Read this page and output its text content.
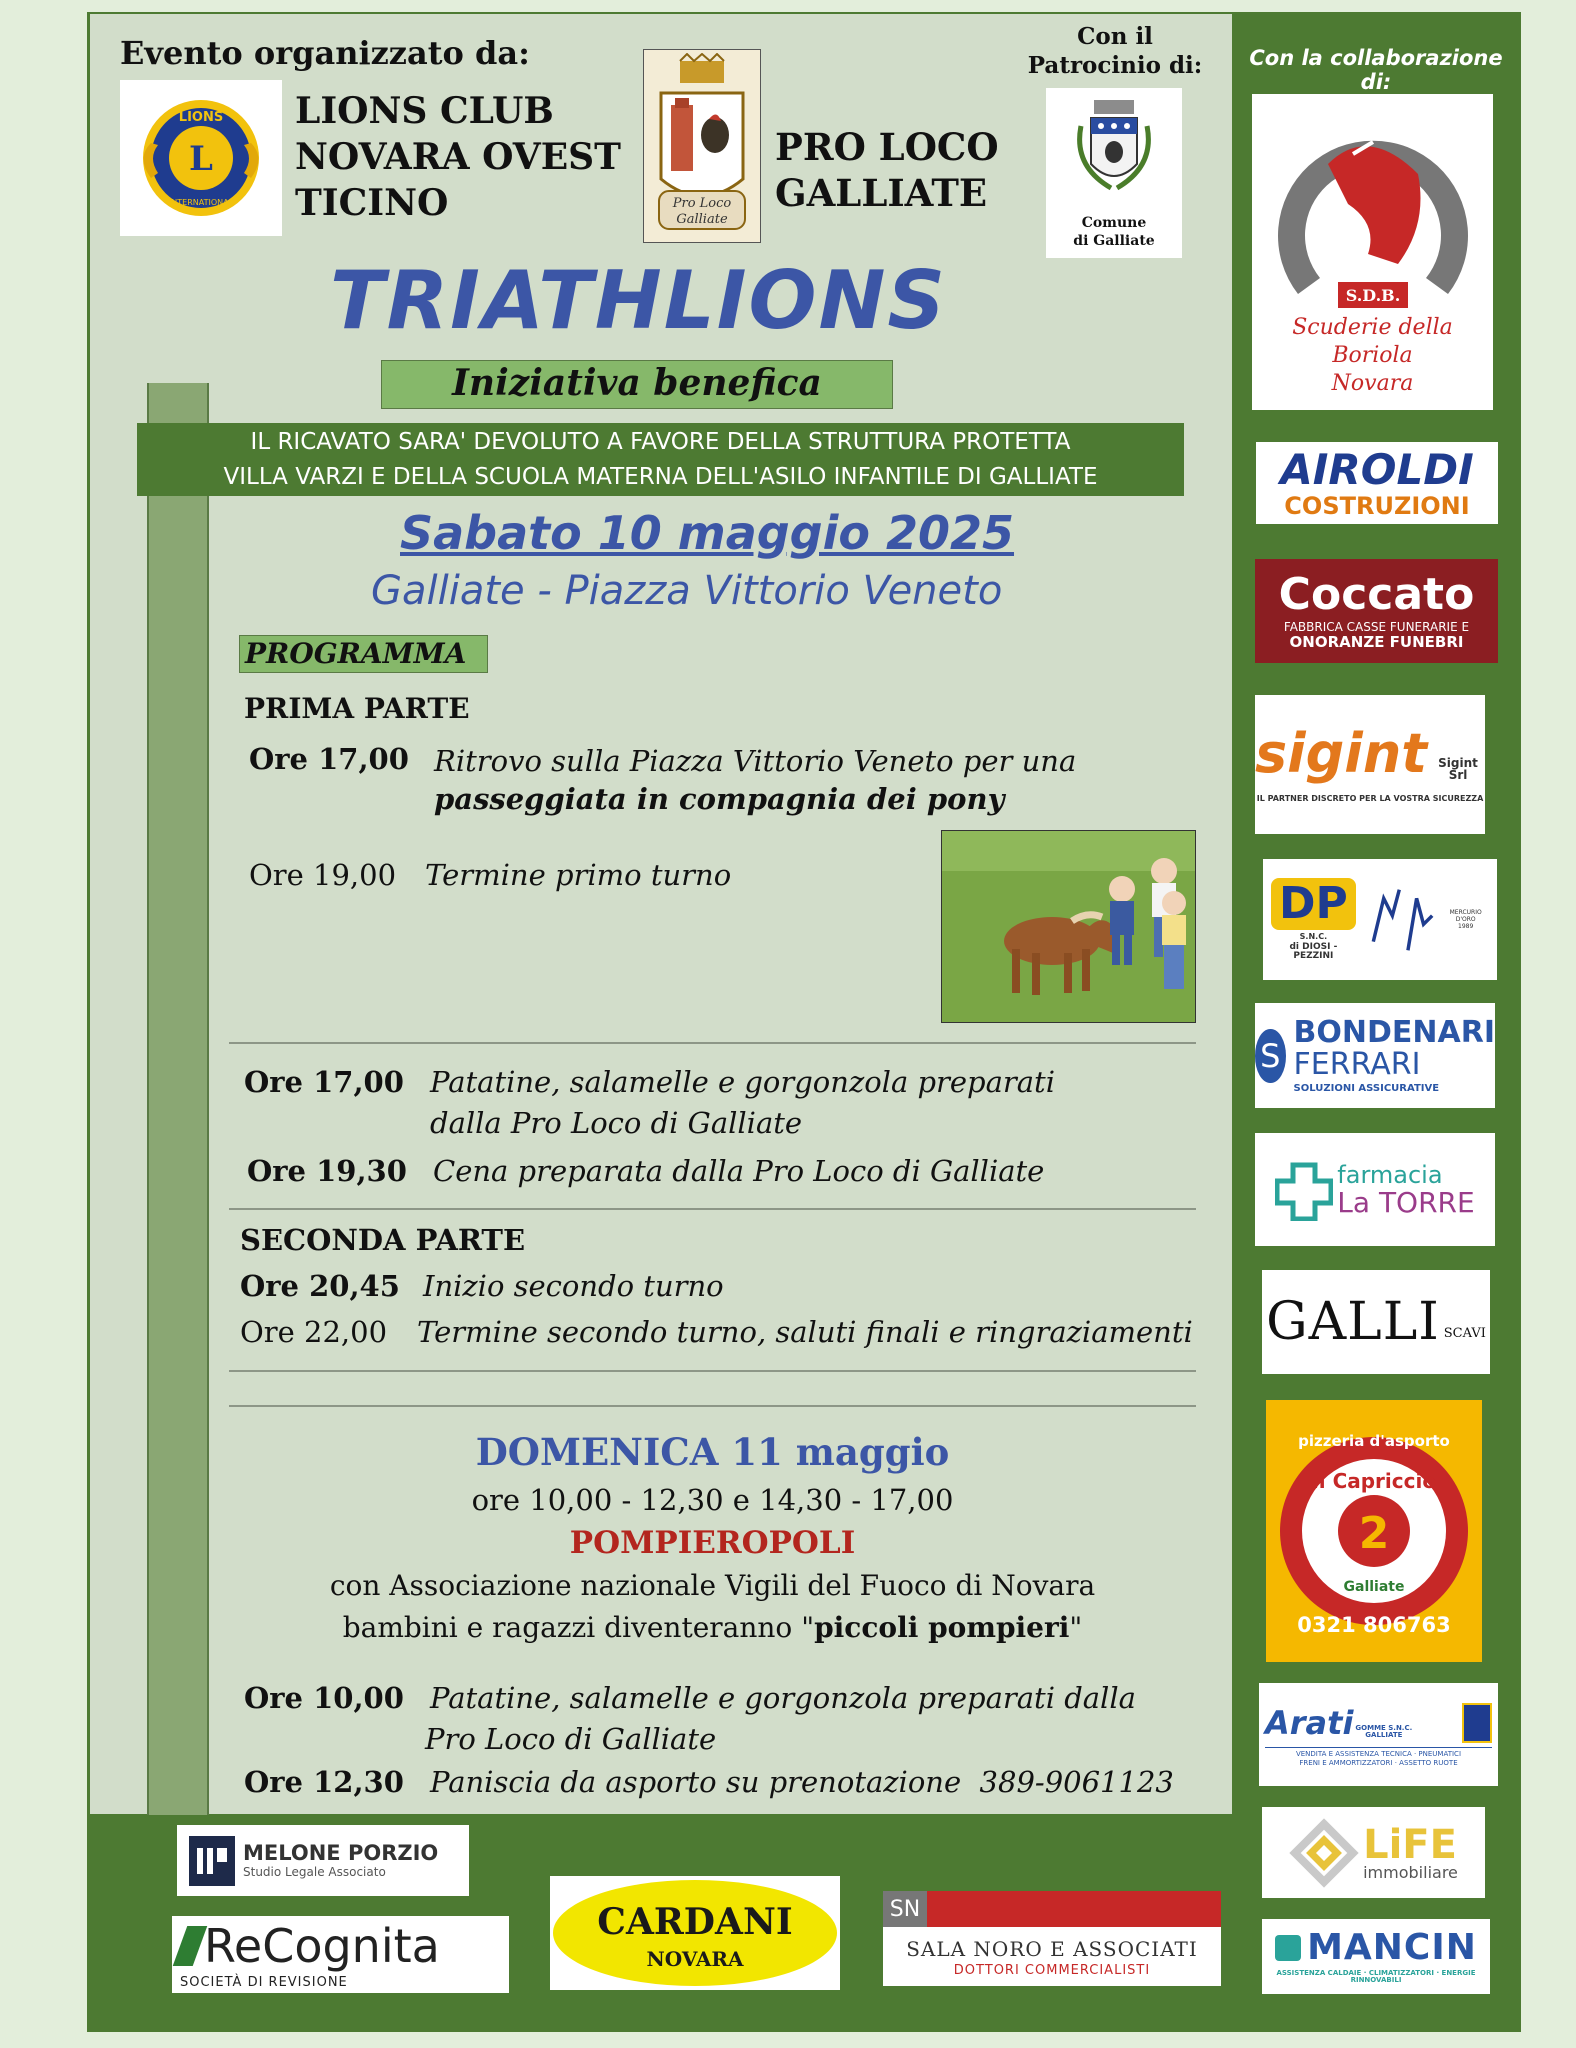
Evento organizzato da:
L
LIONS
INTERNATIONAL
LIONS CLUB
NOVARA OVEST
TICINO	Pro Loco
Galliate
PRO LOCO
GALLIATE
Con il
Patrocinio di:
Comune
di Galliate
Con la collaborazione di:
TRIATHLIONS
Iniziativa benefica
IL RICAVATO SARA' DEVOLUTO A FAVORE DELLA STRUTTURA PROTETTA
VILLA VARZI E DELLA SCUOLA MATERNA DELL'ASILO INFANTILE DI GALLIATE
Sabato 10 maggio 2025
Galliate - Piazza Vittorio Veneto
PROGRAMMA
PRIMA PARTE
Ore 17,00 Ritrovo sulla Piazza Vittorio Veneto per una
passeggiata in compagnia dei pony
Ore 19,00 Termine primo turno
Ore 17,00 Patatine, salamelle e gorgonzola preparati
dalla Pro Loco di Galliate
Ore 19,30 Cena preparata dalla Pro Loco di Galliate
SECONDA PARTE
Ore 20,45 Inizio secondo turno
Ore 22,00 Termine secondo turno, saluti finali e ringraziamenti
DOMENICA 11 maggio
ore 10,00 - 12,30 e 14,30 - 17,00
POMPIEROPOLI
con Associazione nazionale Vigili del Fuoco di Novara
bambini e ragazzi diventeranno "piccoli pompieri"
Ore 10,00 Patatine, salamelle e gorgonzola preparati dalla
Pro Loco di Galliate
Ore 12,30 Paniscia da asporto su prenotazione  389-9061123
S.D.B.
Scuderie della Boriola
Novara
AIROLDI
COSTRUZIONI
Coccato
FABBRICA CASSE FUNERARIE E
ONORANZE FUNEBRI
sigint Sigint Srl
IL PARTNER DISCRETO PER LA VOSTRA SICUREZZA
DP
S.N.C.
di DIOSI - PEZZINI
MERCURIO D'ORO
1989
S
BONDENARI
FERRARI
SOLUZIONI ASSICURATIVE
farmacia
La TORRE
GALLI SCAVI
pizzeria d'asporto
il Capriccio
2
Galliate
0321 806763
Arati GOMME S.N.C.
GALLIATE
VENDITA E ASSISTENZA TECNICA · PNEUMATICI
FRENI E AMMORTIZZATORI · ASSETTO RUOTE
LiFE
immobiliare
MANCIN
ASSISTENZA CALDAIE · CLIMATIZZATORI · ENERGIE RINNOVABILI
MELONE PORZIO
Studio Legale Associato
ReCognita
SOCIETÀ DI REVISIONE
CARDANI
NOVARA
SN
SALA NORO E ASSOCIATI
DOTTORI COMMERCIALISTI
